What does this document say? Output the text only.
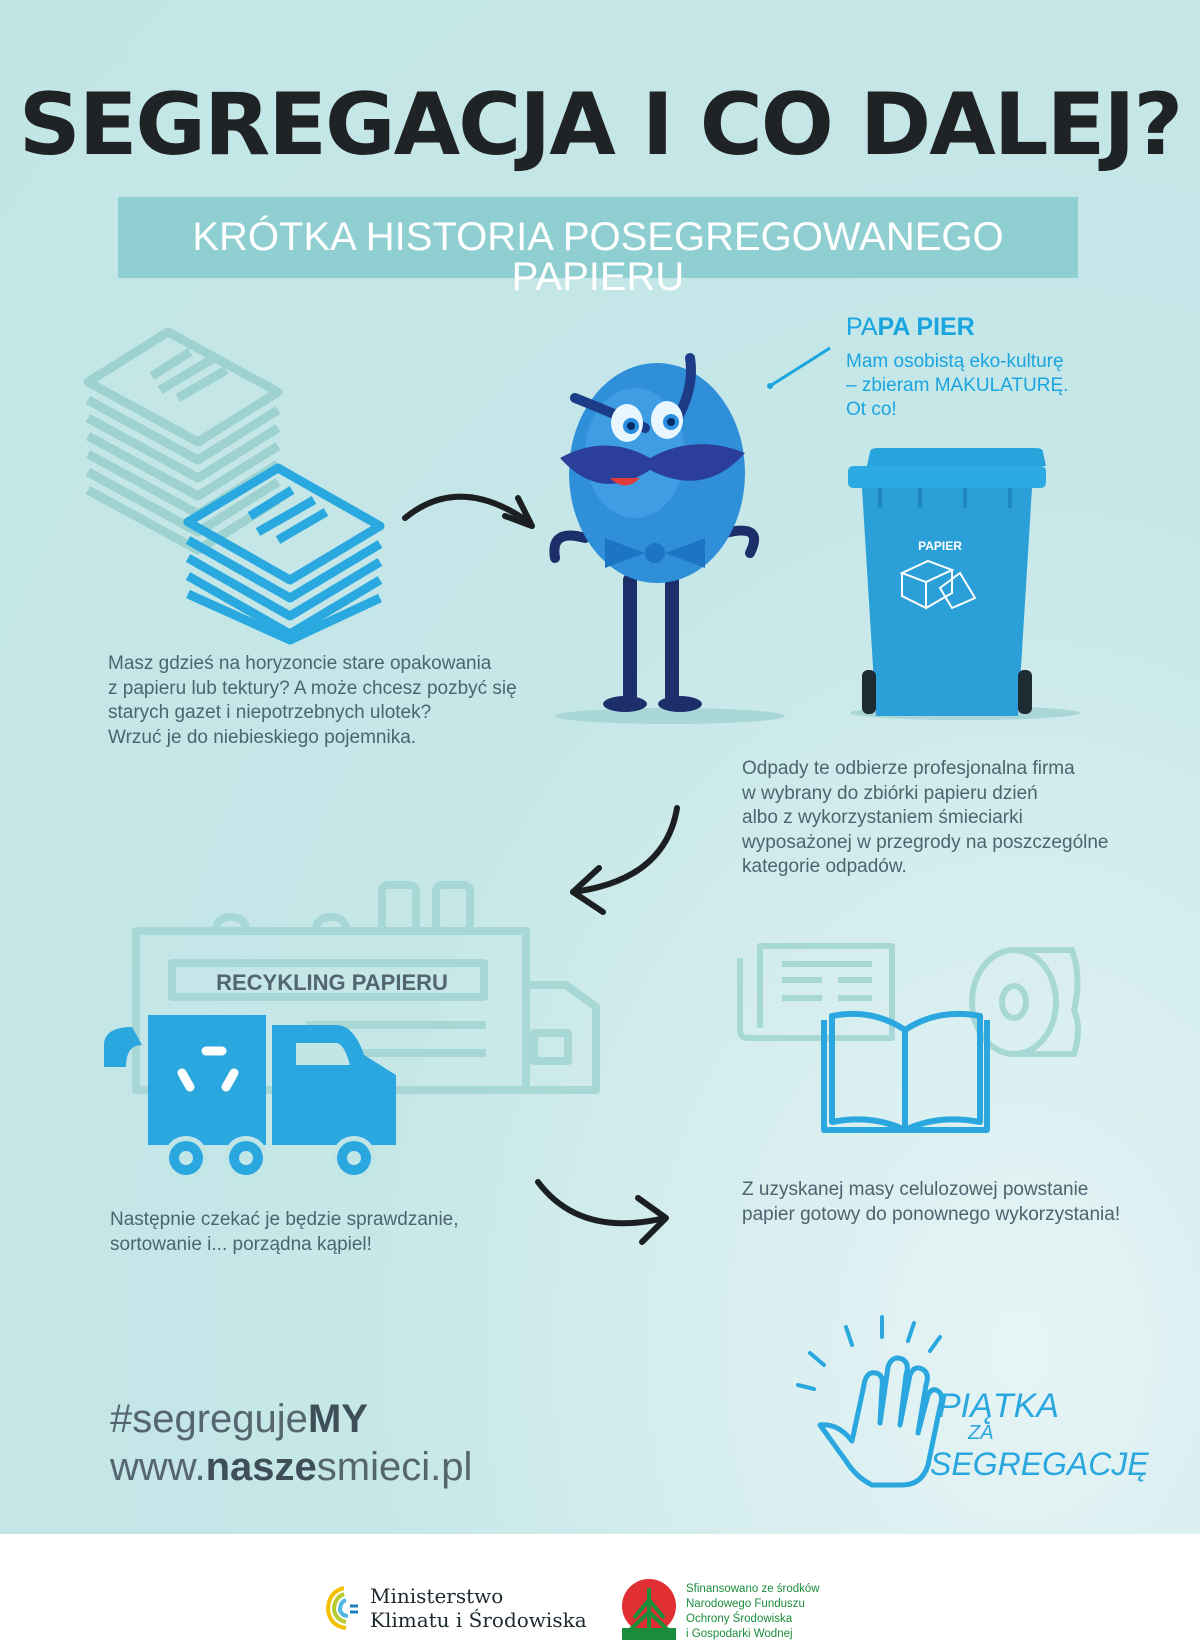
SEGREGACJA I CO DALEJ?
KRÓTKA HISTORIA POSEGREGOWANEGO PAPIERU

PAPA PIER

Mam osobistą eko-kulturę

– zbieram MAKULATURĘ.

Ot co!

PAPIER

Masz gdzieś na horyzoncie stare opakowania

z papieru lub tektury? A może chcesz pozbyć się

starych gazet i niepotrzebnych ulotek?

Wrzuć je do niebieskiego pojemnika.

Odpady te odbierze profesjonalna firma

w wybrany do zbiórki papieru dzień

albo z wykorzystaniem śmieciarki

wyposażonej w przegrody na poszczególne

kategorie odpadów.

RECYKLING PAPIERU

Następnie czekać je będzie sprawdzanie,

sortowanie i... porządna kąpiel!

Z uzyskanej masy celulozowej powstanie

papier gotowy do ponownego wykorzystania!

#segregujeMY

www.naszesmieci.pl

PIĄTKA
ZA
SEGREGACJĘ
Ministerstwo
Klimatu i Środowiska
Sfinansowano ze środków
Narodowego Funduszu
Ochrony Środowiska
i Gospodarki Wodnej
